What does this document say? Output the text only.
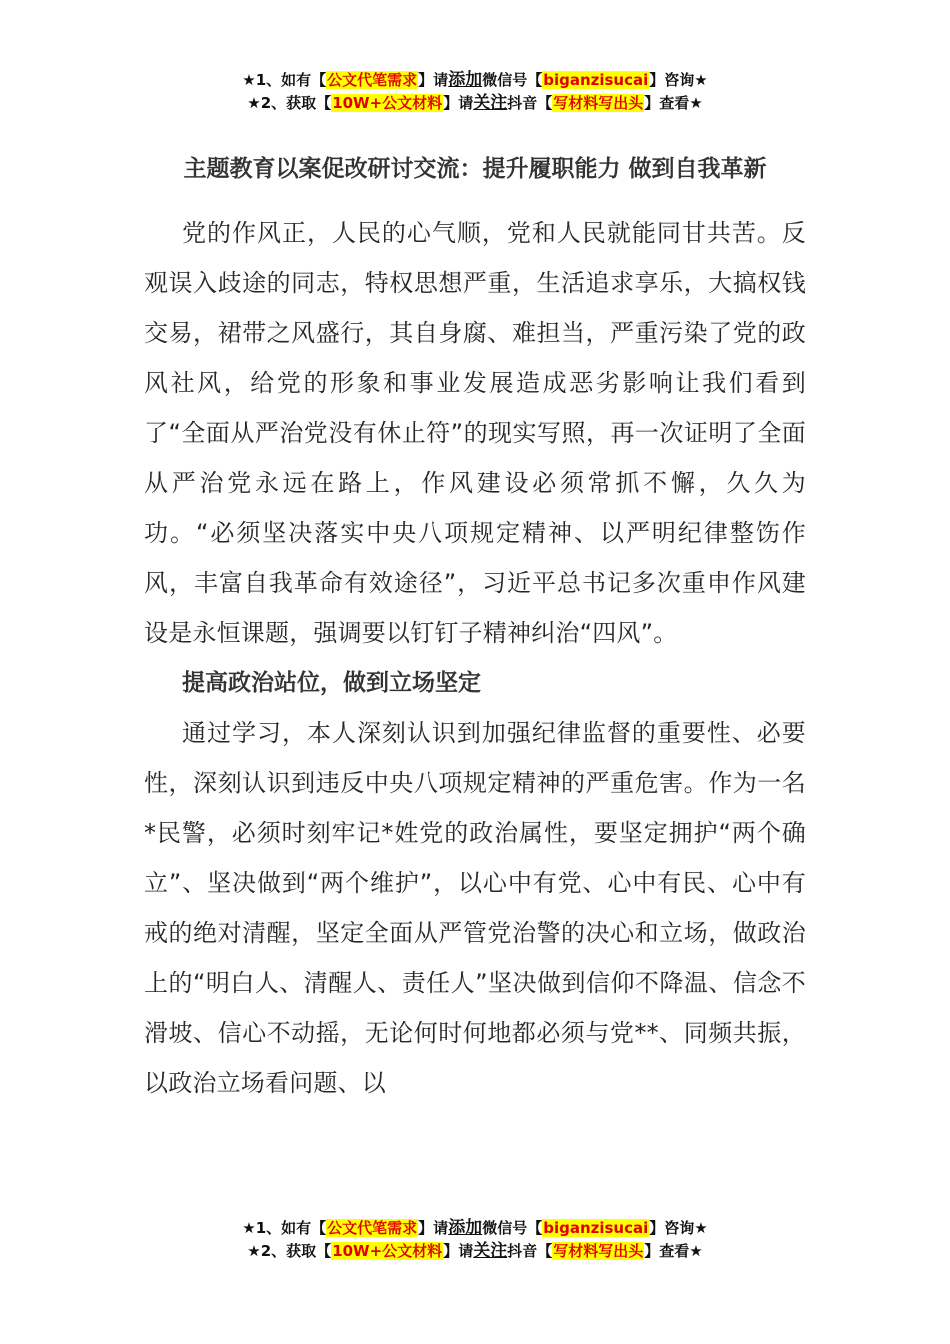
★1、如有【公文代笔需求】请添加微信号【biganzisucai】咨询★
★2、获取【10W+公文材料】请关注抖音【写材料写出头】查看★
主题教育以案促改研讨交流：提升履职能力 做到自我革新

党的作风正，人民的心气顺，党和人民就能同甘共苦。反观误入歧途的同志，特权思想严重，生活追求享乐，大搞权钱交易，裙带之风盛行，其自身腐、难担当，严重污染了党的政风社风，给党的形象和事业发展造成恶劣影响让我们看到了“全面从严治党没有休止符”的现实写照，再一次证明了全面从严治党永远在路上，作风建设必须常抓不懈，久久为功。“必须坚决落实中央八项规定精神、以严明纪律整饬作风，丰富自我革命有效途径”，习近平总书记多次重申作风建设是永恒课题，强调要以钉钉子精神纠治“四风”。

提高政治站位，做到立场坚定

通过学习，本人深刻认识到加强纪律监督的重要性、必要性，深刻认识到违反中央八项规定精神的严重危害。作为一名*民警，必须时刻牢记*姓党的政治属性，要坚定拥护“两个确立”、坚决做到“两个维护”，以心中有党、心中有民、心中有戒的绝对清醒，坚定全面从严管党治警的决心和立场，做政治上的“明白人、清醒人、责任人”坚决做到信仰不降温、信念不滑坡、信心不动摇，无论何时何地都必须与党**、同频共振，以政治立场看问题、以

★1、如有【公文代笔需求】请添加微信号【biganzisucai】咨询★
★2、获取【10W+公文材料】请关注抖音【写材料写出头】查看★
